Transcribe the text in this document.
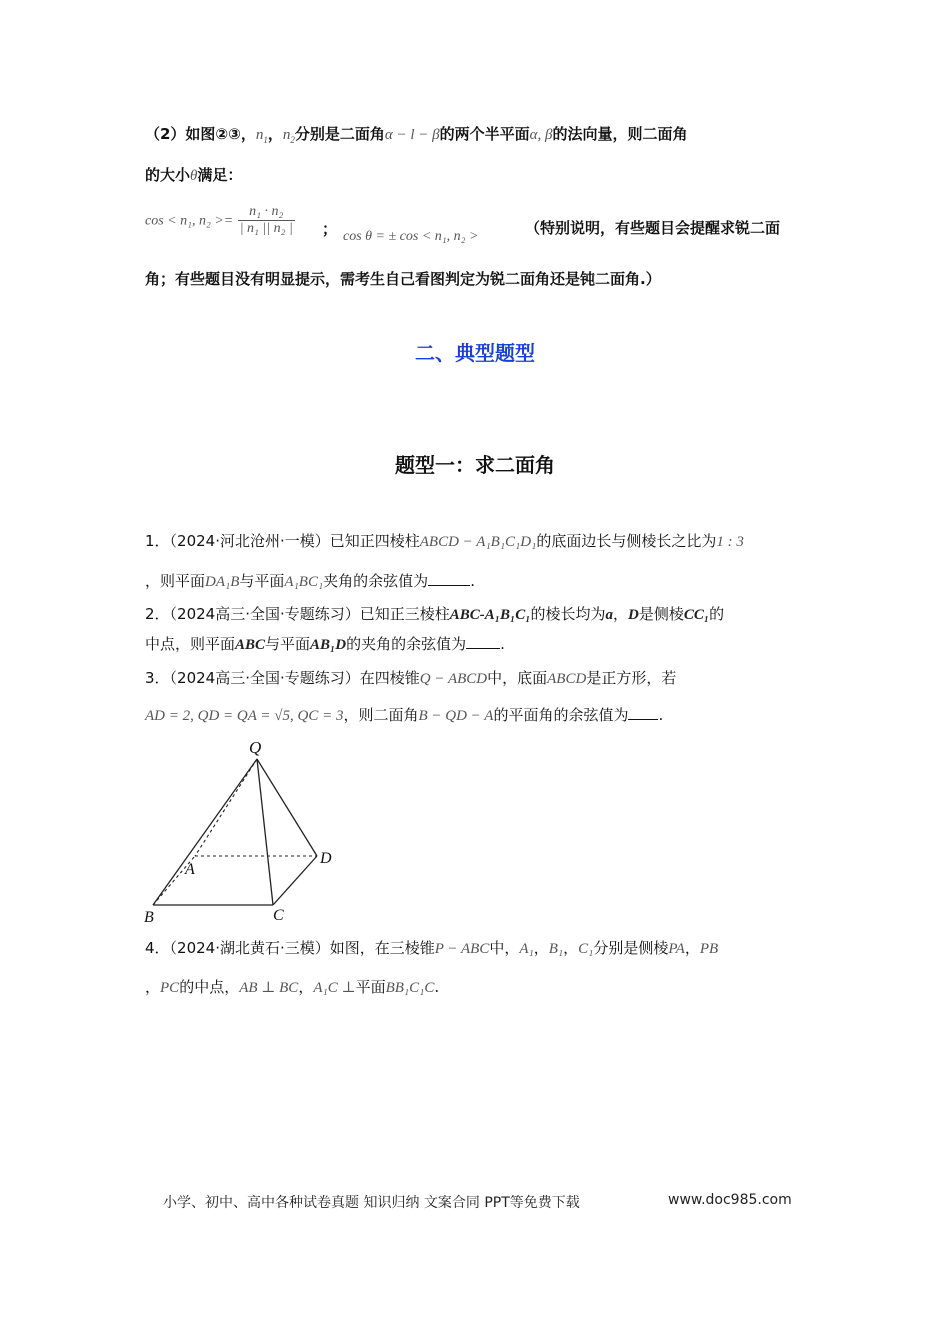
（2）如图②③，$n_1$，$n_2$分别是二面角α − l − β的两个半平面α, β的法向量，则二面角
的大小θ满足：
cos < n₁, $n_2 >= \frac{\text{n₁ · n₂}}{\text{| n₁ || n₂ |}}$ ； cos θ = ± cos < n₁, n₂ >	（特别说明，有些题目会提醒求锐二面
角；有些题目没有明显提示，需考生自己看图判定为锐二面角还是钝二面角.）
二、典型题型
题型一：求二面角
1．（2024·河北沧州·一模）已知正四棱柱ABCD − A₁B₁C₁D₁的底面边长与侧棱长之比为1 : 3
，则平面DA₁B与平面A₁BC₁夹角的余弦值为	.
2．（2024高三·全国·专题练习）已知正三棱柱ABC-A₁B₁C₁的棱长均为a，D是侧棱CC₁的
中点，则平面ABC与平面AB₁D的夹角的余弦值为 .
3．（2024高三·全国·专题练习）在四棱锥Q − ABCD中，底面ABCD是正方形，若
AD = 2, QD = QA = √5, QC = 3，则二面角B − QD − A的平面角的余弦值为 .
Q
A
D
B	C
4．（2024·湖北黄石·三模）如图，在三棱锥P − ABC中，A₁，B₁，C₁分别是侧棱PA，PB
，PC的中点，AB ⊥ BC，A₁C ⊥平面BB₁C₁C.
小学、初中、高中各种试卷真题 知识归纳 文案合同 PPT等免费下载	www.doc985.com
